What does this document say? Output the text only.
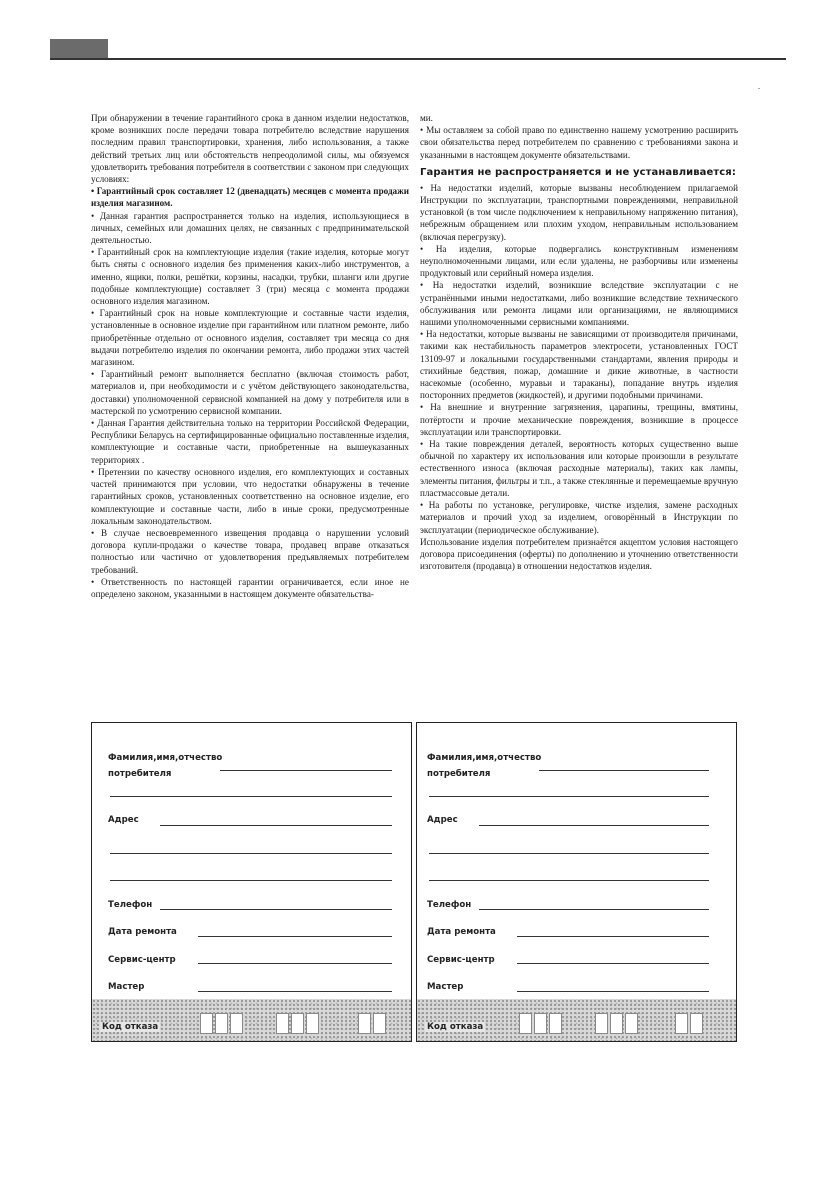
.

При обнаружении в течение гарантийного срока в данном изделии недостатков, кроме возникших после передачи товара потребителю вследствие нарушения последним правил транспортировки, хранения, либо использования, а также действий третьих лиц или обстоятельств непреодолимой силы, мы обязуемся удовлетворить требования потребителя в соответствии с законом при следующих условиях:

• Гарантийный срок составляет 12 (двенадцать) месяцев с момента продажи изделия магазином.

• Данная гарантия распространяется только на изделия, использующиеся в личных, семейных или домашних целях, не связанных с предпринимательской деятельностью.

• Гарантийный срок на комплектующие изделия (такие изделия, которые могут быть сняты с основного изделия без применения каких-либо инструментов, а именно, ящики, полки, решётки, корзины, насадки, трубки, шланги или другие подобные комплектующие) составляет 3 (три) месяца с момента продажи основного изделия магазином.

• Гарантийный срок на новые комплектующие и составные части изделия, установленные в основное изделие при гарантийном или платном ремонте, либо приобретённые отдельно от основного изделия, составляет три месяца со дня выдачи потребителю изделия по окончании ремонта, либо продажи этих частей магазином.

• Гарантийный ремонт выполняется бесплатно (включая стоимость работ, материалов и, при необходимости и с учётом действующего законодательства, доставки) уполномоченной сервисной компанией на дому у потребителя или в мастерской по усмотрению сервисной компании.

• Данная Гарантия действительна только на территории Российской Федерации, Республики Беларусь на сертифицированные официально поставленные изделия, комплектующие и составные части, приобретенные на вышеуказанных территориях .

• Претензии по качеству основного изделия, его комплектующих и составных частей принимаются при условии, что недостатки обнаружены в течение гарантийных сроков, установленных соответственно на основное изделие, его комплектующие и составные части, либо в иные сроки, предусмотренные локальным законодательством.

• В случае несвоевременного извещения продавца о нарушении условий договора купли-продажи о качестве товара, продавец вправе отказаться полностью или частично от удовлетворения предъявляемых потребителем требований.

• Ответственность по настоящей гарантии ограничивается, если иное не определено законом, указанными в настоящем документе обязательства-

ми.

• Мы оставляем за собой право по единственно нашему усмотрению расширить свои обязательства перед потребителем по сравнению с требованиями закона и указанными в настоящем документе обязательствами.

Гарантия не распространяется и не устанавливается:

• На недостатки изделий, которые вызваны несоблюдением прилагаемой Инструкции по эксплуатации, транспортными повреждениями, неправильной установкой (в том числе подключением к неправильному напряжению питания), небрежным обращением или плохим уходом, неправильным использованием (включая перегрузку).

• На изделия, которые подвергались конструктивным изменениям неуполномоченными лицами, или если удалены, не разборчивы или изменены продуктовый или серийный номера изделия.

• На недостатки изделий, возникшие вследствие эксплуатации с не устранёнными иными недостатками, либо возникшие вследствие технического обслуживания или ремонта лицами или организациями, не являющимися нашими уполномоченными сервисными компаниями.

• На недостатки, которые вызваны не зависящими от производителя причинами, такими как нестабильность параметров электросети, установленных ГОСТ 13109-97 и локальными государственными стандартами, явления природы и стихийные бедствия, пожар, домашние и дикие животные, в частности насекомые (особенно, муравьи и тараканы), попадание внутрь изделия посторонних предметов (жидкостей), и другими подобными причинами.

• На внешние и внутренние загрязнения, царапины, трещины, вмятины, потёртости и прочие механические повреждения, возникшие в процессе эксплуатации или транспортировки.

• На такие повреждения деталей, вероятность которых существенно выше обычной по характеру их использования или которые произошли в результате естественного износа (включая расходные материалы), таких как лампы, элементы питания, фильтры и т.п., а также стеклянные и перемещаемые вручную пластмассовые детали.

• На работы по установке, регулировке, чистке изделия, замене расходных материалов и прочий уход за изделием, оговорённый в Инструкции по эксплуатации (периодическое обслуживание).

Использование изделия потребителем признаётся акцептом условия настоящего договора присоединения (оферты) по дополнению и уточнению ответственности изготовителя (продавца) в отношении недостатков изделия.

Фамилия,имя,отчество
потребителя
Адрес
Телефон
Дата ремонта
Сервис-центр
Мастер
Код отказа
Фамилия,имя,отчество
потребителя
Адрес
Телефон
Дата ремонта
Сервис-центр
Мастер
Код отказа
